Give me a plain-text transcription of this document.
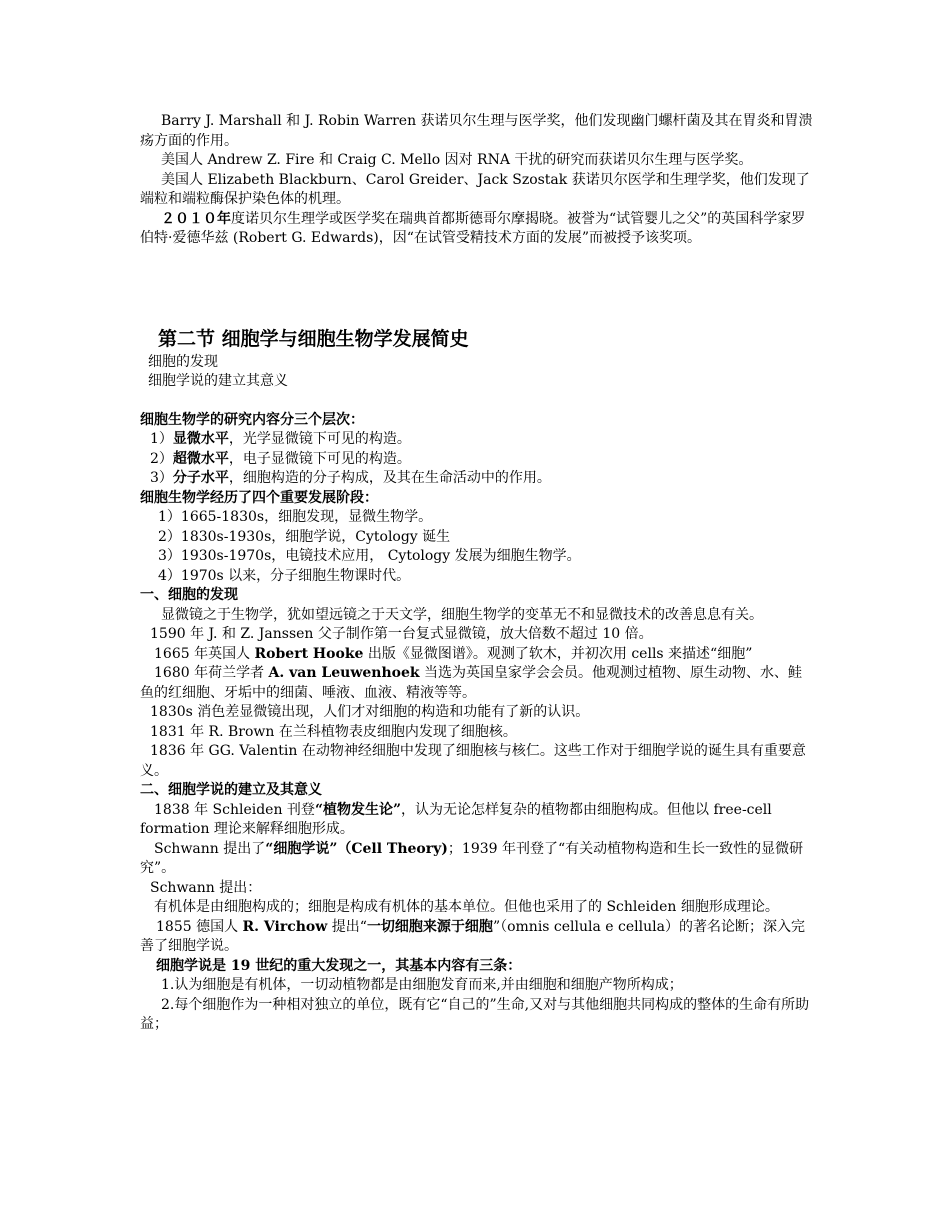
Barry J. Marshall 和 J. Robin Warren 获诺贝尔生理与医学奖，他们发现幽门螺杆菌及其在胃炎和胃溃疡方面的作用。

美国人 Andrew Z. Fire 和 Craig C. Mello 因对 RNA 干扰的研究而获诺贝尔生理与医学奖。

美国人 Elizabeth Blackburn、Carol Greider、Jack Szostak 获诺贝尔医学和生理学奖，他们发现了端粒和端粒酶保护染色体的机理。

２０１０年度诺贝尔生理学或医学奖在瑞典首都斯德哥尔摩揭晓。被誉为“试管婴儿之父”的英国科学家罗伯特·爱德华兹 (Robert G. Edwards)，因“在试管受精技术方面的发展”而被授予该奖项。

第二节 细胞学与细胞生物学发展简史

细胞的发现

细胞学说的建立其意义

细胞生物学的研究内容分三个层次：

1）显微水平，光学显微镜下可见的构造。

2）超微水平，电子显微镜下可见的构造。

3）分子水平，细胞构造的分子构成，及其在生命活动中的作用。

细胞生物学经历了四个重要发展阶段：

1）1665-1830s，细胞发现，显微生物学。

2）1830s-1930s，细胞学说，Cytology 诞生

3）1930s-1970s，电镜技术应用， Cytology 发展为细胞生物学。

4）1970s 以来，分子细胞生物课时代。

一、细胞的发现

显微镜之于生物学，犹如望远镜之于天文学，细胞生物学的变革无不和显微技术的改善息息有关。

1590 年 J. 和 Z. Janssen 父子制作第一台复式显微镜，放大倍数不超过 10 倍。

1665 年英国人 Robert Hooke 出版《显微图谱》。观测了软木，并初次用 cells 来描述“细胞”

1680 年荷兰学者 A. van Leuwenhoek 当选为英国皇家学会会员。他观测过植物、原生动物、水、鲑鱼的红细胞、牙垢中的细菌、唾液、血液、精液等等。

1830s 消色差显微镜出现，人们才对细胞的构造和功能有了新的认识。

1831 年 R. Brown 在兰科植物表皮细胞内发现了细胞核。

1836 年 GG. Valentin 在动物神经细胞中发现了细胞核与核仁。这些工作对于细胞学说的诞生具有重要意义。

二、细胞学说的建立及其意义

1838 年 Schleiden 刊登“植物发生论”，认为无论怎样复杂的植物都由细胞构成。但他以 free-cell formation 理论来解释细胞形成。

Schwann 提出了“细胞学说”（Cell Theory)；1939 年刊登了“有关动植物构造和生长一致性的显微研究”。

Schwann 提出：

有机体是由细胞构成的；细胞是构成有机体的基本单位。但他也采用了的 Schleiden 细胞形成理论。

1855 德国人 R. Virchow 提出“一切细胞来源于细胞”（omnis cellula e cellula）的著名论断；深入完善了细胞学说。

细胞学说是 19 世纪的重大发现之一，其基本内容有三条：

1.认为细胞是有机体，一切动植物都是由细胞发育而来,并由细胞和细胞产物所构成；

2.每个细胞作为一种相对独立的单位，既有它“自己的”生命,又对与其他细胞共同构成的整体的生命有所助益；
